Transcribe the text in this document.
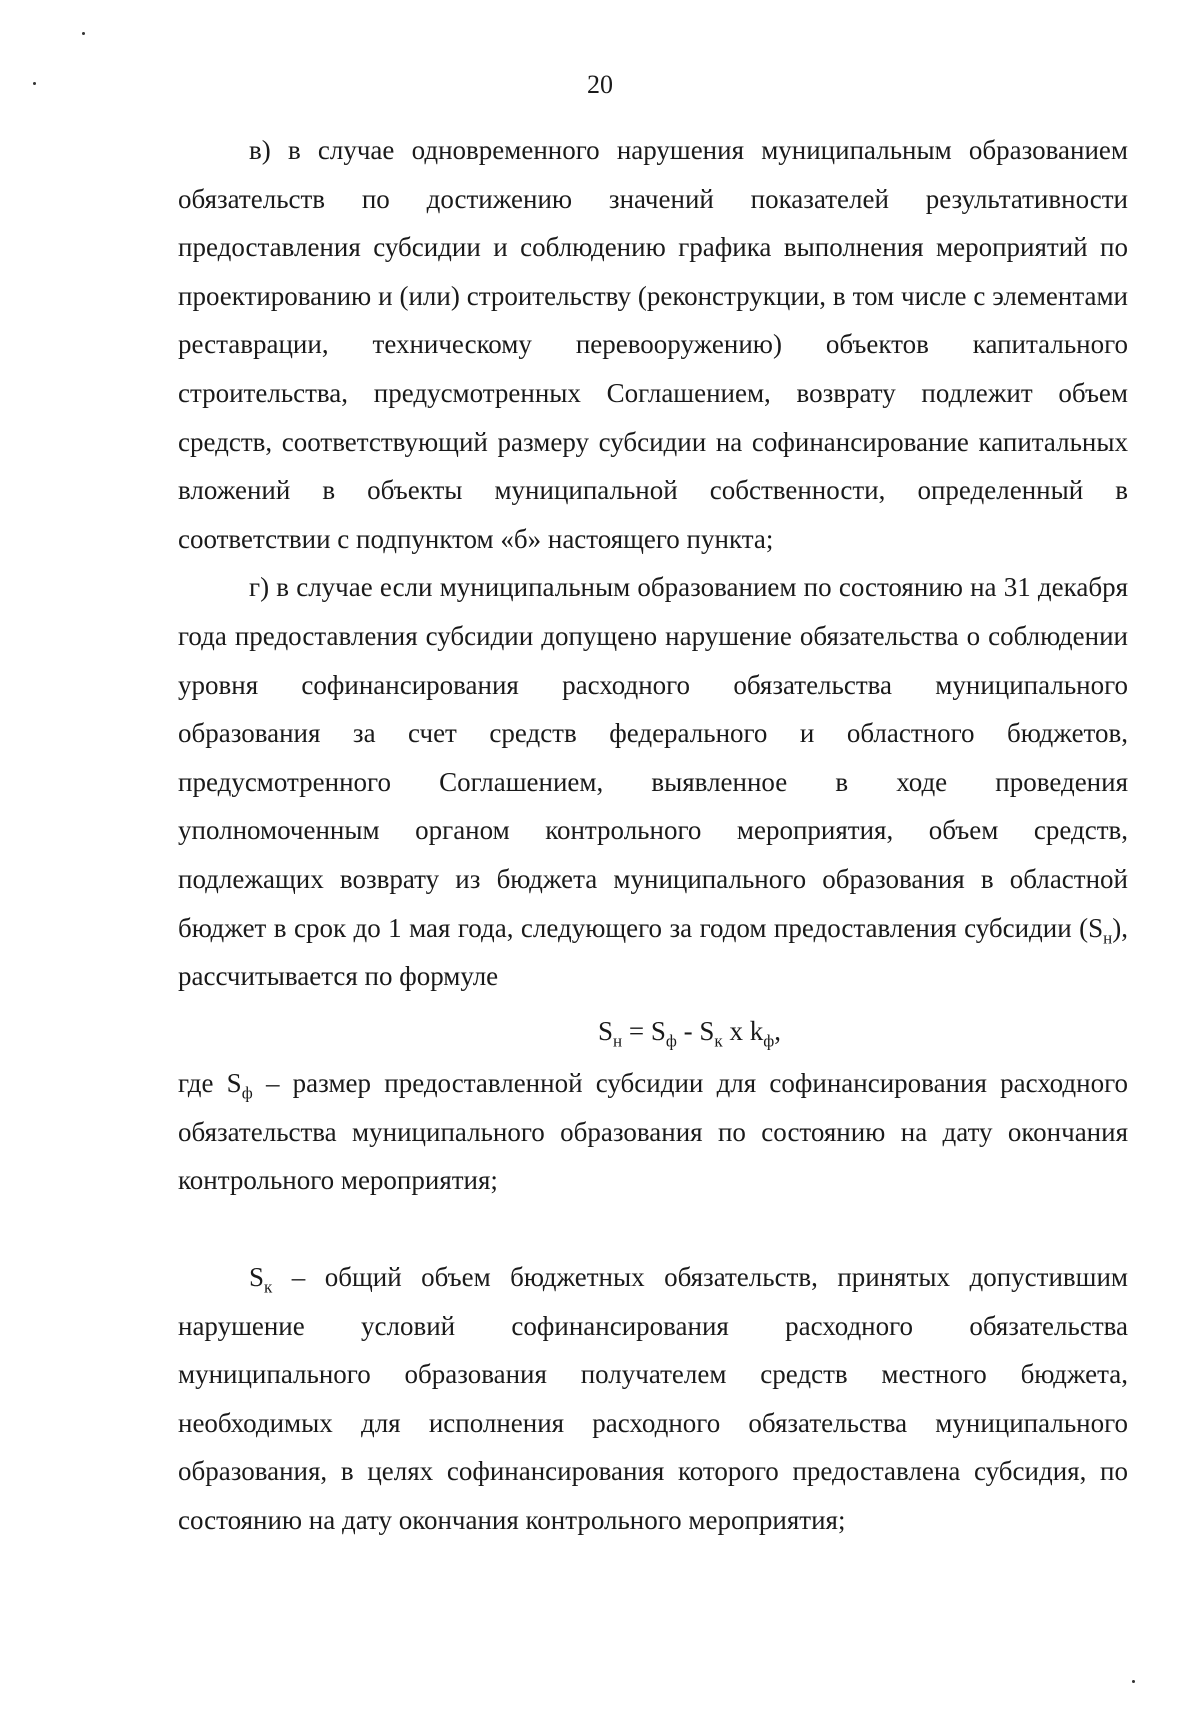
20

в) в случае одновременного нарушения муниципальным образованием обязательств по достижению значений показателей результативности предоставления субсидии и соблюдению графика выполнения мероприятий по проектированию и (или) строительству (реконструкции, в том числе с элементами реставрации, техническому перевооружению) объектов капитального строительства, предусмотренных Соглашением, возврату подлежит объем средств, соответствующий размеру субсидии на софинансирование капитальных вложений в объекты муниципальной собственности, определенный в соответствии с подпунктом «б» настоящего пункта;

г) в случае если муниципальным образованием по состоянию на 31 декабря года предоставления субсидии допущено нарушение обязательства о соблюдении уровня софинансирования расходного обязательства муниципального образования за счет средств федерального и областного бюджетов, предусмотренного Соглашением, выявленное в ходе проведения уполномоченным органом контрольного мероприятия, объем средств, подлежащих возврату из бюджета муниципального образования в областной бюджет в срок до 1 мая года, следующего за годом предоставления субсидии $(S_н)$, рассчитывается по формуле

$S_н = S_ф - S_к$ x $k_ф$,

где $S_ф$ – размер предоставленной субсидии для софинансирования расходного обязательства муниципального образования по состоянию на дату окончания контрольного мероприятия;

$S_к$ – общий объем бюджетных обязательств, принятых допустившим нарушение условий софинансирования расходного обязательства муниципального образования получателем средств местного бюджета, необходимых для исполнения расходного обязательства муниципального образования, в целях софинансирования которого предоставлена субсидия, по состоянию на дату окончания контрольного мероприятия;
